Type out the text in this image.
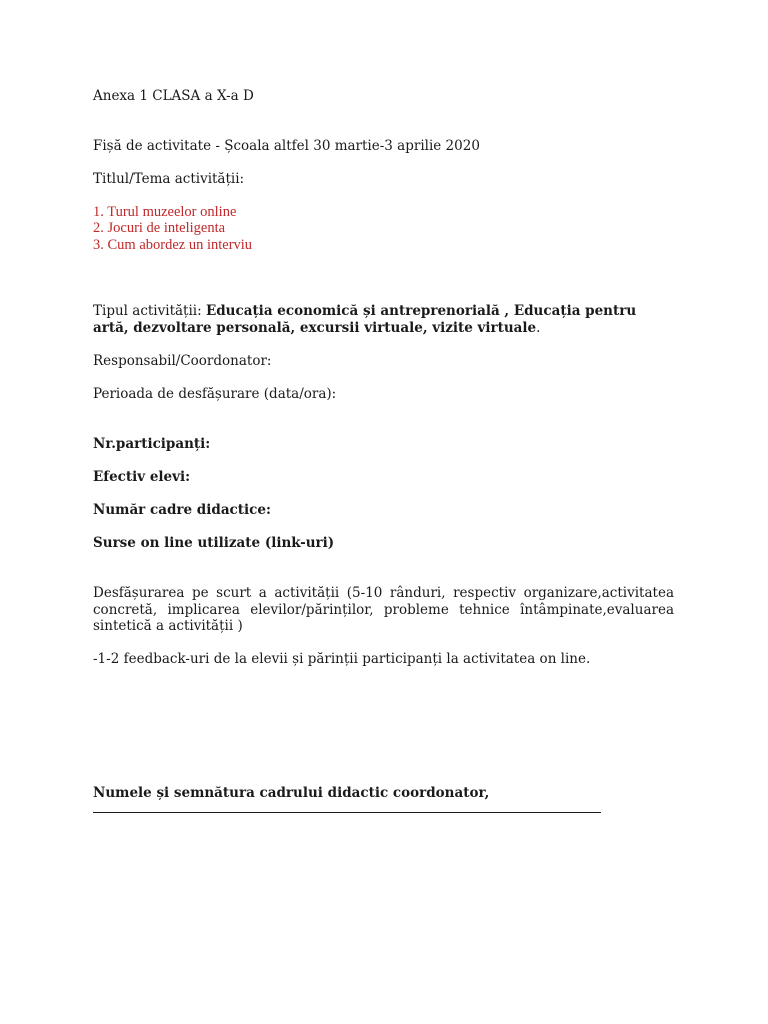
Anexa 1 CLASA a X-a D
Fișă de activitate - Școala altfel 30 martie-3 aprilie 2020
Titlul/Tema activității:
1. Turul muzeelor online
2. Jocuri de inteligenta
3. Cum abordez un interviu
Tipul activității: Educația economică și antreprenorială , Educația pentru
artă, dezvoltare personală, excursii virtuale, vizite virtuale.
Responsabil/Coordonator:
Perioada de desfășurare (data/ora):
Nr.participanți:
Efectiv elevi:
Număr cadre didactice:
Surse on line utilizate (link-uri)
Desfășurarea pe scurt a activității (5-10 rânduri, respectiv organizare,activitatea
concretă, implicarea elevilor/părinților, probleme tehnice întâmpinate,evaluarea
sintetică a activității )
-1-2 feedback-uri de la elevii și părinții participanți la activitatea on line.
Numele și semnătura cadrului didactic coordonator,
